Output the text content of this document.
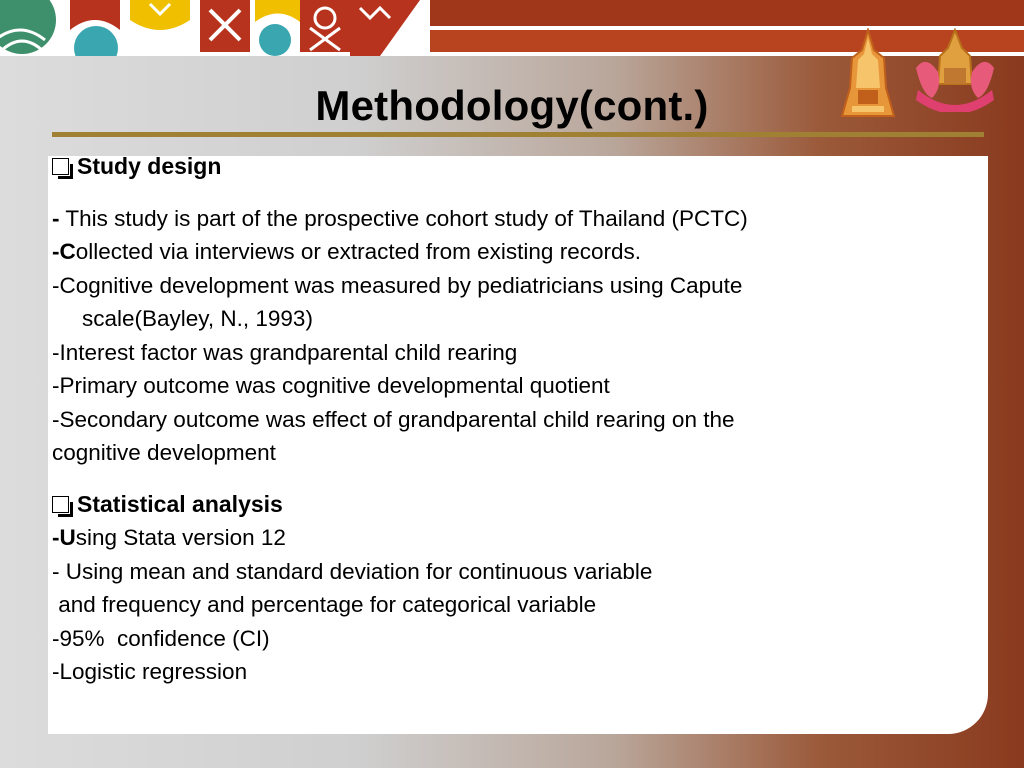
Methodology(cont.)
Study design
- This study is part of the prospective cohort study of Thailand (PCTC)
-Collected via interviews or extracted from existing records.
-Cognitive development was measured by pediatricians using Capute
scale(Bayley, N., 1993)
-Interest factor was grandparental child rearing
-Primary outcome was cognitive developmental quotient
-Secondary outcome was effect of grandparental child rearing on the
cognitive development
Statistical analysis
-Using Stata version 12
- Using mean and standard deviation for continuous variable
and frequency and percentage for categorical variable
-95%  confidence (CI)
-Logistic regression
